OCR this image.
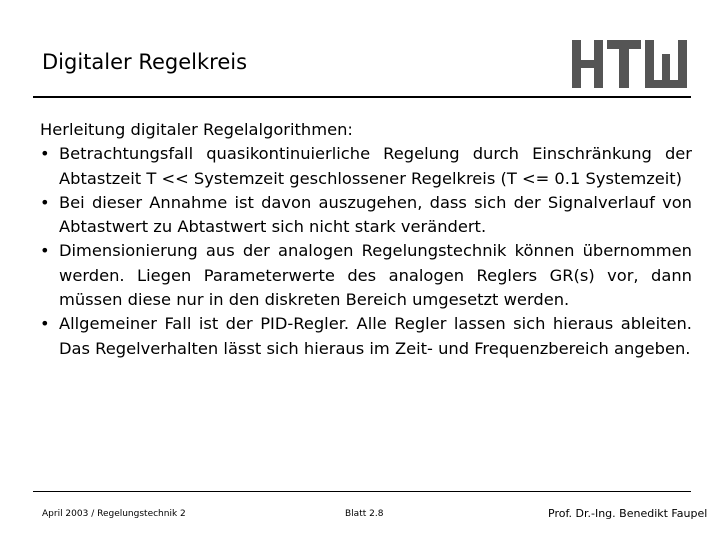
Digitaler Regelkreis

Herleitung digitaler Regelalgorithmen:

• Betrachtungsfall quasikontinuierliche Regelung durch Einschränkung der Abtastzeit T << Systemzeit geschlossener Regelkreis (T <= 0.1 Systemzeit)
• Bei dieser Annahme ist davon auszugehen, dass sich der Signalverlauf von Abtastwert zu Abtastwert sich nicht stark verändert.
• Dimensionierung aus der analogen Regelungstechnik können übernommen werden. Liegen Parameterwerte des analogen Reglers GR(s) vor, dann müssen diese nur in den diskreten Bereich umgesetzt werden.
• Allgemeiner Fall ist der PID-Regler. Alle Regler lassen sich hieraus ableiten. Das Regelverhalten lässt sich hieraus im Zeit- und Frequenzbereich angeben.
April 2003 / Regelungstechnik 2	Blatt 2.8	Prof. Dr.-Ing. Benedikt Faupel
